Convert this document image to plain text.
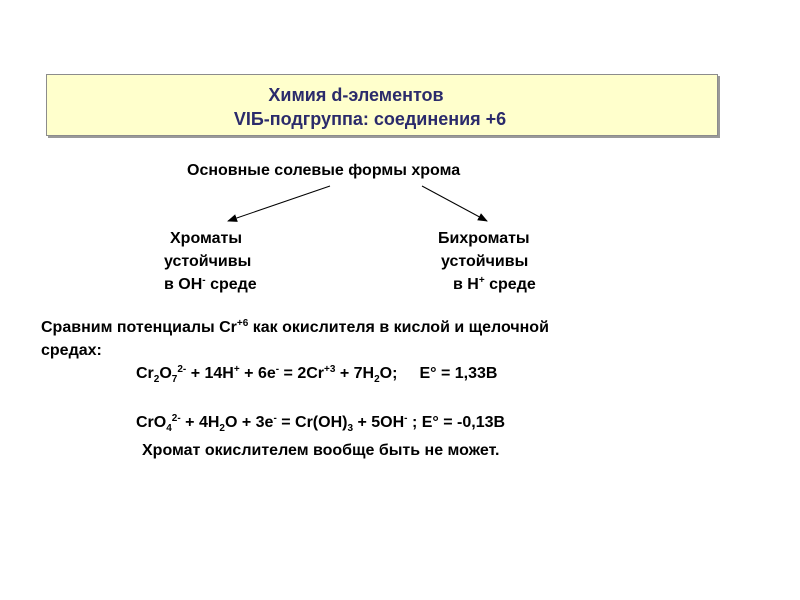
Химия d-элементов
VIБ-подгруппа: соединения +6
Основные солевые формы хрома
Хроматы
устойчивы
в OH- среде
Бихроматы
устойчивы
в H+ среде
Сравним потенциалы $Cr^{+6}$ как окислителя в кислой и щелочной
средах:
$Cr_2O_7^{2-} + 14H^+ + 6e^- = 2Cr^{+3} + 7H_2O$; E° = 1,33В
$CrO_4^{2-} + 4H_2O + 3e^- = Cr(OH)_3 + 5OH^-$ ; E° = -0,13В
Хромат окислителем вообще быть не может.
